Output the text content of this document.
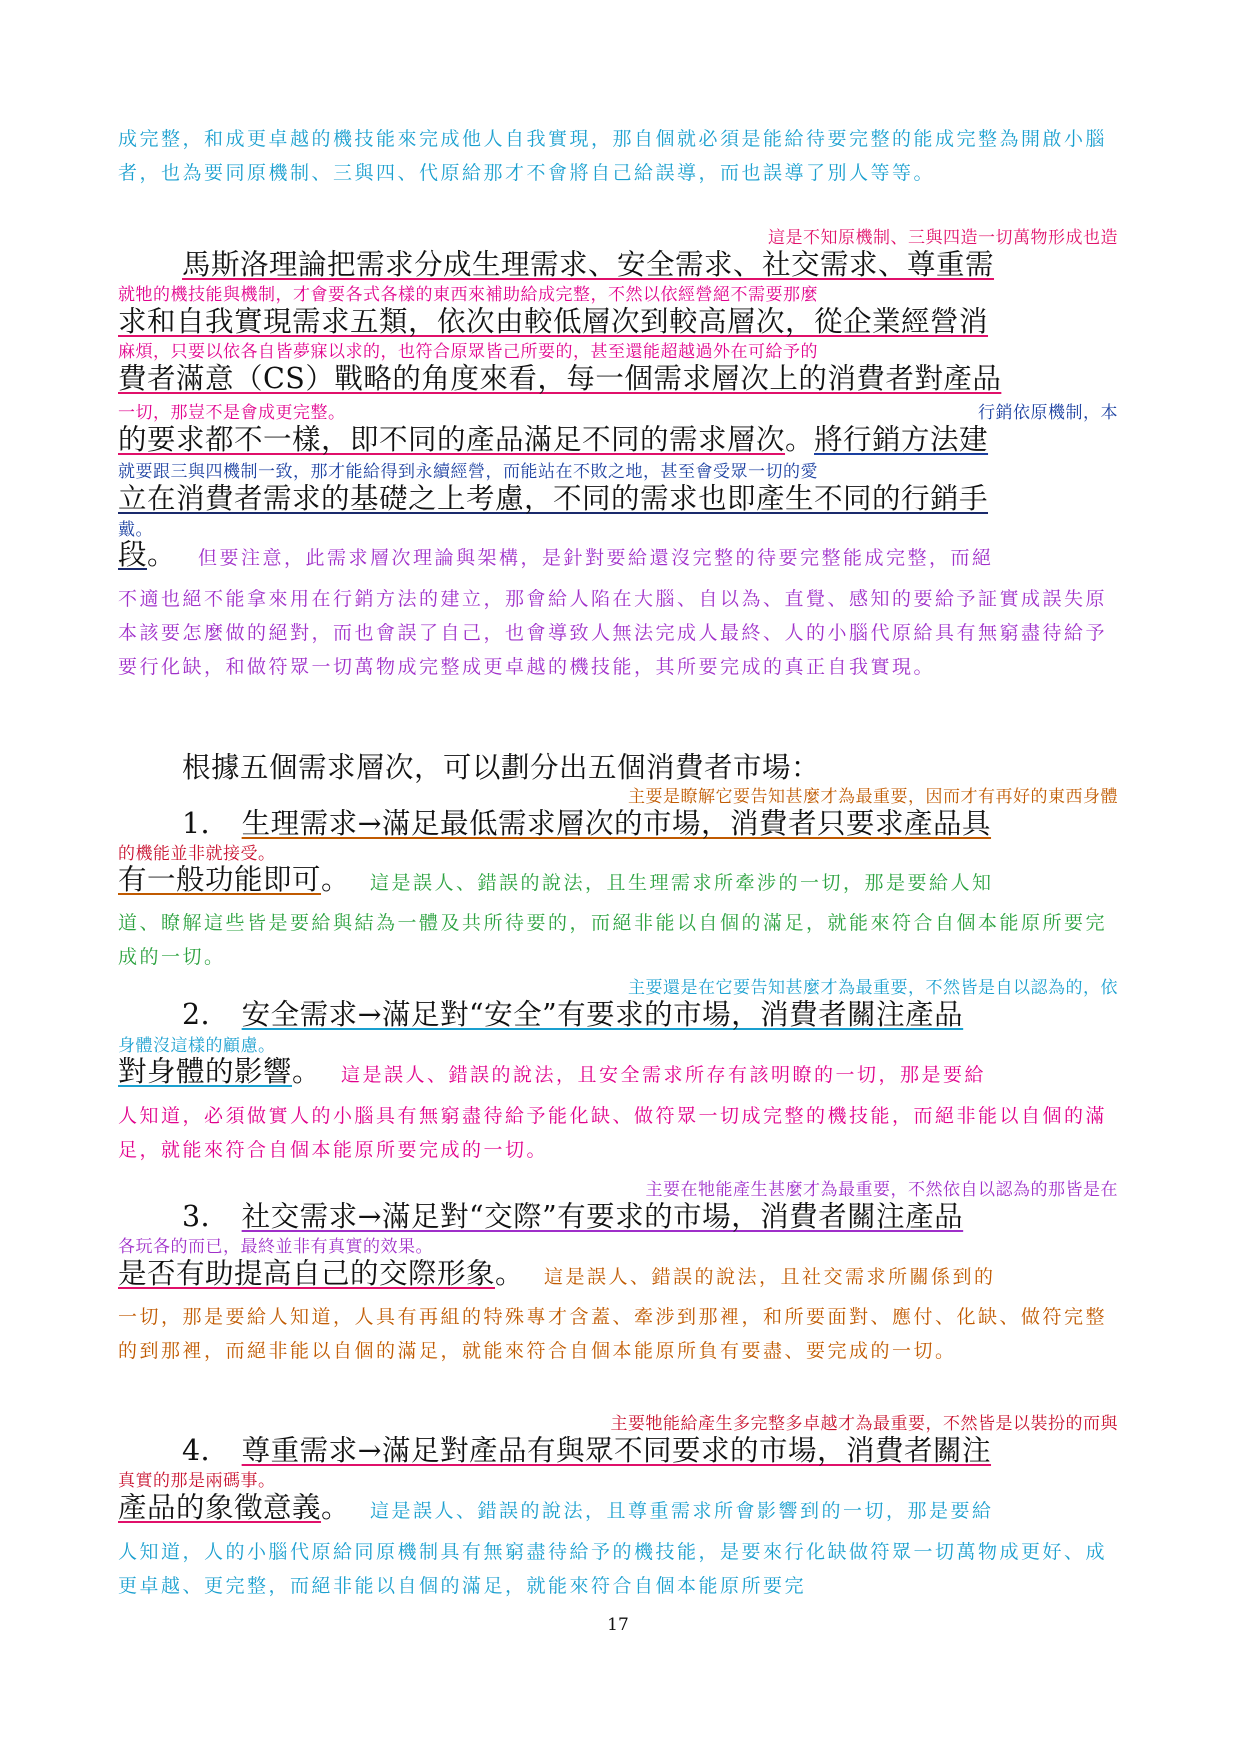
成完整，和成更卓越的機技能來完成他人自我實現，那自個就必須是能給待要完整的能成完整為開啟小腦者，也為要同原機制、三與四、代原給那才不會將自己給誤導，而也誤導了別人等等。

這是不知原機制、三與四造一切萬物形成也造
馬斯洛理論把需求分成生理需求、安全需求、社交需求、尊重需
就牠的機技能與機制，才會要各式各樣的東西來補助給成完整，不然以依經營絕不需要那麼
求和自我實現需求五類，依次由較低層次到較高層次，從企業經營消
麻煩，只要以依各自皆夢寐以求的，也符合原眾皆己所要的，甚至還能超越過外在可給予的
費者滿意（CS）戰略的角度來看，每一個需求層次上的消費者對產品
一切，那豈不是會成更完整。	行銷依原機制，本
的要求都不一樣，即不同的產品滿足不同的需求層次。將行銷方法建
就要跟三與四機制一致，那才能給得到永續經營，而能站在不敗之地，甚至會受眾一切的愛
立在消費者需求的基礎之上考慮，不同的需求也即產生不同的行銷手
戴。
段。 但要注意，此需求層次理論與架構，是針對要給還沒完整的待要完整能成完整，而絕

不適也絕不能拿來用在行銷方法的建立，那會給人陷在大腦、自以為、直覺、感知的要給予証實成誤失原本該要怎麼做的絕對，而也會誤了自己，也會導致人無法完成人最終、人的小腦代原給具有無窮盡待給予要行化缺，和做符眾一切萬物成完整成更卓越的機技能，其所要完成的真正自我實現。

根據五個需求層次，可以劃分出五個消費者市場：
主要是瞭解它要告知甚麼才為最重要，因而才有再好的東西身體
1． 生理需求→滿足最低需求層次的市場，消費者只要求產品具
的機能並非就接受。
有一般功能即可。 這是誤人、錯誤的說法，且生理需求所牽涉的一切，那是要給人知

道、瞭解這些皆是要給與結為一體及共所待要的，而絕非能以自個的滿足，就能來符合自個本能原所要完成的一切。

主要還是在它要告知甚麼才為最重要，不然皆是自以認為的，依
2． 安全需求→滿足對“安全”有要求的市場，消費者關注產品
身體沒這樣的顧慮。
對身體的影響。 這是誤人、錯誤的說法，且安全需求所存有該明瞭的一切，那是要給

人知道，必須做實人的小腦具有無窮盡待給予能化缺、做符眾一切成完整的機技能，而絕非能以自個的滿足，就能來符合自個本能原所要完成的一切。

主要在牠能產生甚麼才為最重要，不然依自以認為的那皆是在
3． 社交需求→滿足對“交際”有要求的市場，消費者關注產品
各玩各的而已，最終並非有真實的效果。
是否有助提高自己的交際形象。 這是誤人、錯誤的說法，且社交需求所關係到的

一切，那是要給人知道，人具有再組的特殊專才含蓋、牽涉到那裡，和所要面對、應付、化缺、做符完整的到那裡，而絕非能以自個的滿足，就能來符合自個本能原所負有要盡、要完成的一切。

主要牠能給產生多完整多卓越才為最重要，不然皆是以裝扮的而與
4． 尊重需求→滿足對產品有與眾不同要求的市場，消費者關注
真實的那是兩碼事。
產品的象徵意義。 這是誤人、錯誤的說法，且尊重需求所會影響到的一切，那是要給

人知道，人的小腦代原給同原機制具有無窮盡待給予的機技能，是要來行化缺做符眾一切萬物成更好、成更卓越、更完整，而絕非能以自個的滿足，就能來符合自個本能原所要完

17
